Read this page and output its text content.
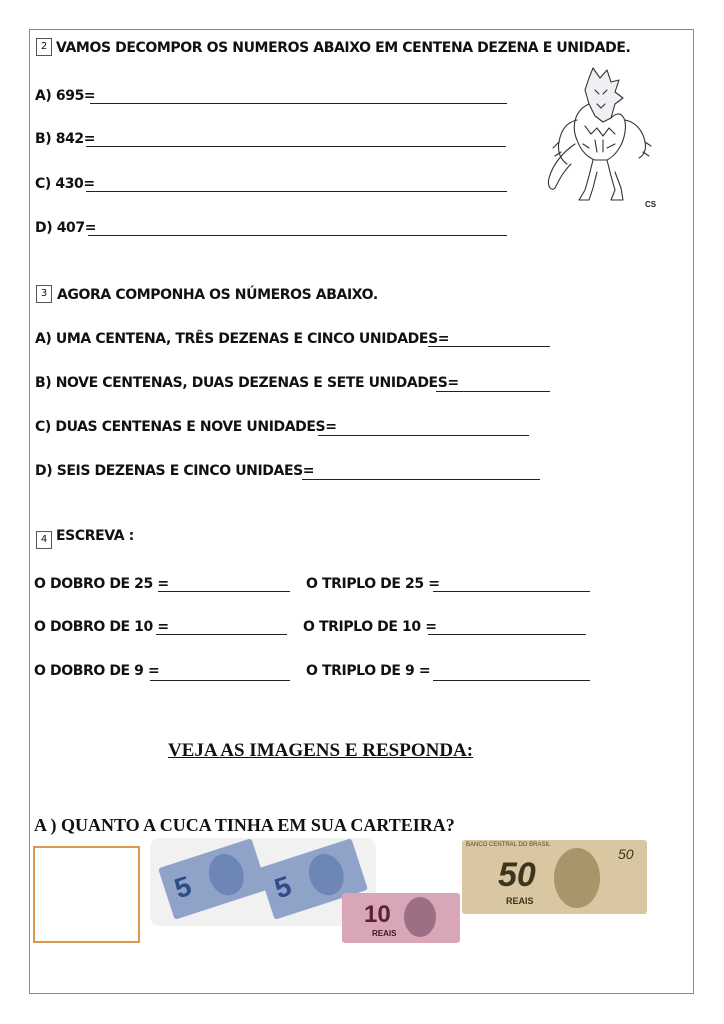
2 VAMOS DECOMPOR OS NUMEROS ABAIXO EM CENTENA DEZENA E UNIDADE.
A) 695=
B) 842=
C) 430=
D) 407=
CS
3 AGORA COMPONHA OS NÚMEROS ABAIXO.
A) UMA CENTENA, TRÊS DEZENAS E CINCO UNIDADES=
B) NOVE CENTENAS, DUAS DEZENAS E SETE UNIDADES=
C) DUAS CENTENAS E NOVE UNIDADES=
D) SEIS DEZENAS E CINCO UNIDAES=
4 ESCREVA :
O DOBRO DE 25 =	O TRIPLO DE 25 =
O DOBRO DE 10 =	O TRIPLO DE 10 =
O DOBRO DE 9 =	O TRIPLO DE 9 =
VEJA AS IMAGENS E RESPONDA:
A ) QUANTO A CUCA TINHA EM SUA CARTEIRA?
5	5
10
REAIS
BANCO CENTRAL DO BRASIL
50
50
REAIS
